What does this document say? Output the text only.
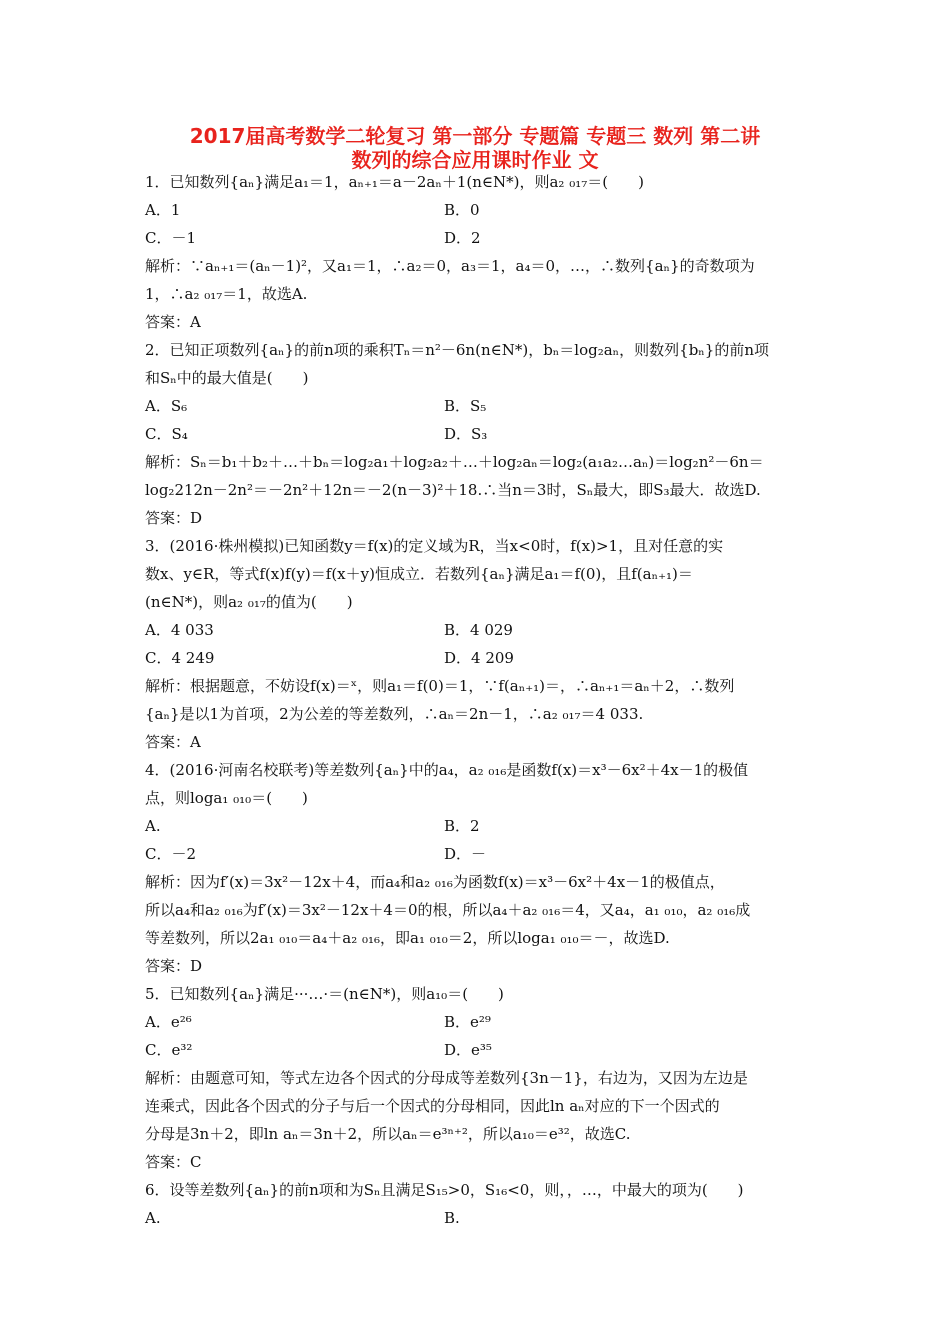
2017届高考数学二轮复习 第一部分 专题篇 专题三 数列 第二讲
数列的综合应用课时作业 文
1．已知数列{aₙ}满足a₁＝1，aₙ₊₁＝a－2aₙ＋1(n∈N*)，则a₂ ₀₁₇＝(　　)
A．1	B．0
C．－1	D．2
解析：∵aₙ₊₁＝(aₙ－1)²，又a₁＝1，∴a₂＝0，a₃＝1，a₄＝0，…，∴数列{aₙ}的奇数项为
1，∴a₂ ₀₁₇＝1，故选A.
答案：A
2．已知正项数列{aₙ}的前n项的乘积Tₙ＝n²－6n(n∈N*)，bₙ＝log₂aₙ，则数列{bₙ}的前n项
和Sₙ中的最大值是(　　)
A．S₆	B．S₅
C．S₄	D．S₃
解析：Sₙ＝b₁＋b₂＋…＋bₙ＝log₂a₁＋log₂a₂＋…＋log₂aₙ＝log₂(a₁a₂…aₙ)＝log₂n²－6n＝
log₂212n－2n²＝－2n²＋12n＝－2(n－3)²＋18.∴当n＝3时，Sₙ最大，即S₃最大．故选D.
答案：D
3．(2016·株州模拟)已知函数y＝f(x)的定义域为R，当x<0时，f(x)>1，且对任意的实
数x、y∈R，等式f(x)f(y)＝f(x＋y)恒成立．若数列{aₙ}满足a₁＝f(0)，且f(aₙ₊₁)＝
(n∈N*)，则a₂ ₀₁₇的值为(　　)
A．4 033	B．4 029
C．4 249	D．4 209
解析：根据题意，不妨设f(x)＝ˣ，则a₁＝f(0)＝1，∵f(aₙ₊₁)＝，∴aₙ₊₁＝aₙ＋2，∴数列
{aₙ}是以1为首项，2为公差的等差数列，∴aₙ＝2n－1，∴a₂ ₀₁₇＝4 033.
答案：A
4．(2016·河南名校联考)等差数列{aₙ}中的a₄，a₂ ₀₁₆是函数f(x)＝x³－6x²＋4x－1的极值
点，则loga₁ ₀₁₀＝(　　)
A.	B．2
C．－2	D．－
解析：因为f′(x)＝3x²－12x＋4，而a₄和a₂ ₀₁₆为函数f(x)＝x³－6x²＋4x－1的极值点，
所以a₄和a₂ ₀₁₆为f′(x)＝3x²－12x＋4＝0的根，所以a₄＋a₂ ₀₁₆＝4，又a₄，a₁ ₀₁₀，a₂ ₀₁₆成
等差数列，所以2a₁ ₀₁₀＝a₄＋a₂ ₀₁₆，即a₁ ₀₁₀＝2，所以loga₁ ₀₁₀＝－，故选D.
答案：D
5．已知数列{aₙ}满足···…·＝(n∈N*)，则a₁₀＝(　　)
A．e²⁶	B．e²⁹
C．e³²	D．e³⁵
解析：由题意可知，等式左边各个因式的分母成等差数列{3n－1}，右边为，又因为左边是
连乘式，因此各个因式的分子与后一个因式的分母相同，因此ln aₙ对应的下一个因式的
分母是3n＋2，即ln aₙ＝3n＋2，所以aₙ＝e³ⁿ⁺²，所以a₁₀＝e³²，故选C.
答案：C
6．设等差数列{aₙ}的前n项和为Sₙ且满足S₁₅>0，S₁₆<0，则，，…，中最大的项为(　　)
A.	B.
